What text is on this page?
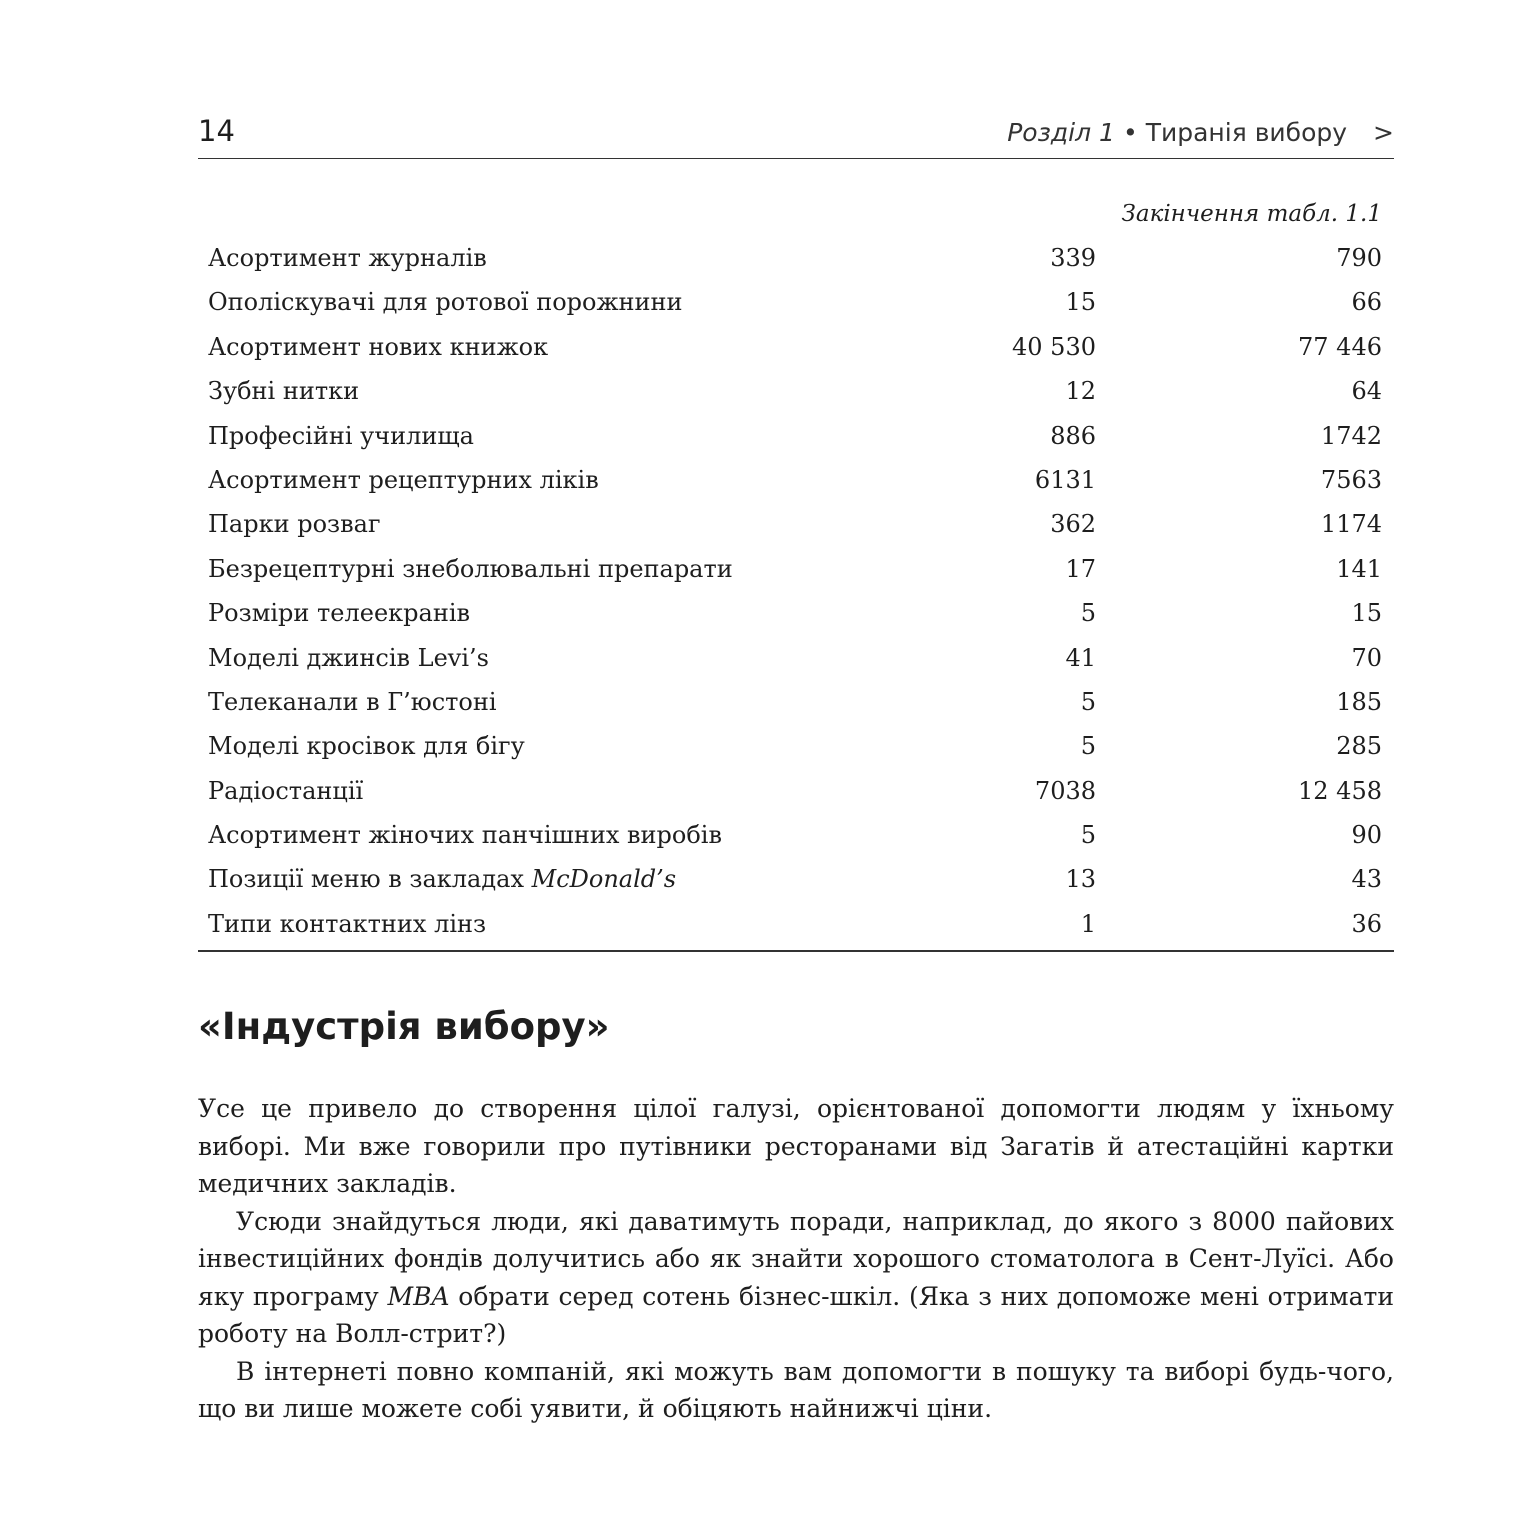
14	Розділ 1 • Тиранія вибору >
Закінчення табл. 1.1
Асортимент журналів	339	790
Ополіскувачі для ротової порожнини	15	66
Асортимент нових книжок	40 530	77 446
Зубні нитки	12	64
Професійні училища	886	1742
Асортимент рецептурних ліків	6131	7563
Парки розваг	362	1174
Безрецептурні знеболювальні препарати	17	141
Розміри телеекранів	5	15
Моделі джинсів Levi’s	41	70
Телеканали в Г’юстоні	5	185
Моделі кросівок для бігу	5	285
Радіостанції	7038	12 458
Асортимент жіночих панчішних виробів	5	90
Позиції меню в закладах McDonald’s	13	43
Типи контактних лінз	1	36
«Індустрія вибору»

Усе це привело до створення цілої галузі, орієнтованої допомогти людям у їхньому виборі. Ми вже говорили про путівники ресторанами від Загатів й атестаційні картки медичних закладів.

Усюди знайдуться люди, які даватимуть поради, наприклад, до якого з 8000 пайових інвестиційних фондів долучитись або як знайти хорошого стоматолога в Сент-Луїсі. Або яку програму MBA обрати серед сотень бізнес-шкіл. (Яка з них допоможе мені отримати роботу на Волл-стрит?)

В інтернеті повно компаній, які можуть вам допомогти в пошуку та виборі будь-чого, що ви лише можете собі уявити, й обіцяють найнижчі ціни.
